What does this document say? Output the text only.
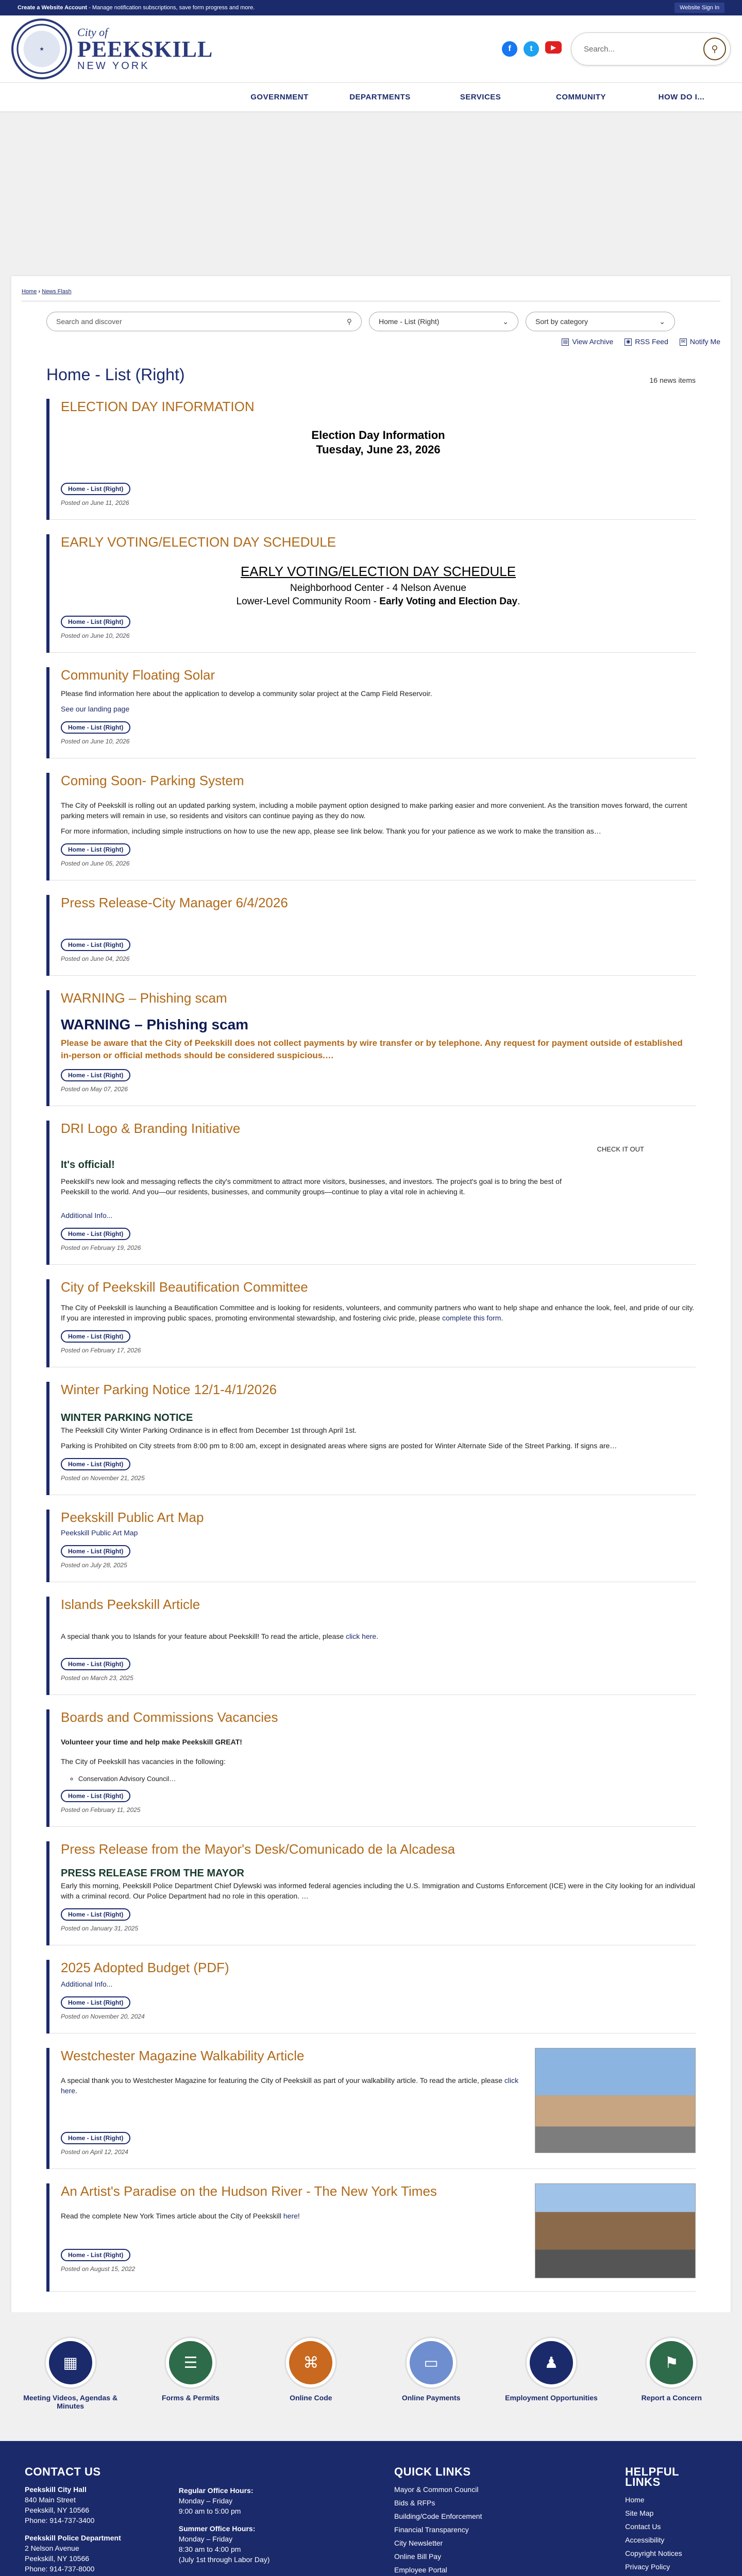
Create a Website Account - Manage notification subscriptions, save form progress and more.	Website Sign In
★
City of
PEEKSKILL
NEW YORK
f	t	▶	Search...	⚲
GOVERNMENT	DEPARTMENTS	SERVICES	COMMUNITY	HOW DO I...
Home › News Flash
Search and discover	⚲	Home - List (Right)	⌄	Sort by category	⌄
▤ View Archive ◉ RSS Feed ✉ Notify Me
Home - List (Right)	16 news items
ELECTION DAY INFORMATION
Election Day Information
Tuesday, June 23, 2026
Home - List (Right)
Posted on June 11, 2026
EARLY VOTING/ELECTION DAY SCHEDULE
EARLY VOTING/ELECTION DAY SCHEDULE
Neighborhood Center - 4 Nelson Avenue
Lower-Level Community Room - Early Voting and Election Day.
Home - List (Right)
Posted on June 10, 2026
Community Floating Solar

Please find information here about the application to develop a community solar project at the Camp Field Reservoir.

See our landing page

Home - List (Right)
Posted on June 10, 2026
Coming Soon- Parking System

The City of Peekskill is rolling out an updated parking system, including a mobile payment option designed to make parking easier and more convenient. As the transition moves forward, the current parking meters will remain in use, so residents and visitors can continue paying as they do now.

For more information, including simple instructions on how to use the new app, please see link below. Thank you for your patience as we work to make the transition as…

Home - List (Right)
Posted on June 05, 2026
Press Release-City Manager 6/4/2026
Home - List (Right)
Posted on June 04, 2026
WARNING – Phishing scam
WARNING – Phishing scam
Please be aware that the City of Peekskill does not collect payments by wire transfer or by telephone. Any request for payment outside of established in-person or official methods should be considered suspicious.…
Home - List (Right)
Posted on May 07, 2026
DRI Logo & Branding Initiative
CHECK IT OUT
It's official!

Peekskill's new look and messaging reflects the city's commitment to attract more visitors, businesses, and investors. The project's goal is to bring the best of Peekskill to the world. And you—our residents, businesses, and community groups—continue to play a vital role in achieving it.

Additional Info...

Home - List (Right)
Posted on February 19, 2026
City of Peekskill Beautification Committee

The City of Peekskill is launching a Beautification Committee and is looking for residents, volunteers, and community partners who want to help shape and enhance the look, feel, and pride of our city. If you are interested in improving public spaces, promoting environmental stewardship, and fostering civic pride, please complete this form.

Home - List (Right)
Posted on February 17, 2026
Winter Parking Notice 12/1-4/1/2026
WINTER PARKING NOTICE

The Peekskill City Winter Parking Ordinance is in effect from December 1st through April 1st.

Parking is Prohibited on City streets from 8:00 pm to 8:00 am, except in designated areas where signs are posted for Winter Alternate Side of the Street Parking. If signs are…

Home - List (Right)
Posted on November 21, 2025
Peekskill Public Art Map

Peekskill Public Art Map

Home - List (Right)
Posted on July 28, 2025
Islands Peekskill Article

A special thank you to Islands for your feature about Peekskill! To read the article, please click here.

Home - List (Right)
Posted on March 23, 2025
Boards and Commissions Vacancies

Volunteer your time and help make Peekskill GREAT!

The City of Peekskill has vacancies in the following:

◦ Conservation Advisory Council…
Home - List (Right)
Posted on February 11, 2025
Press Release from the Mayor's Desk/Comunicado de la Alcadesa
PRESS RELEASE FROM THE MAYOR

Early this morning, Peekskill Police Department Chief Dylewski was informed federal agencies including the U.S. Immigration and Customs Enforcement (ICE) were in the City looking for an individual with a criminal record. Our Police Department had no role in this operation. …

Home - List (Right)
Posted on January 31, 2025
2025 Adopted Budget (PDF)

Additional Info...

Home - List (Right)
Posted on November 20, 2024
Westchester Magazine Walkability Article

A special thank you to Westchester Magazine for featuring the City of Peekskill as part of your walkability article. To read the article, please click here.

Home - List (Right)
Posted on April 12, 2024
An Artist's Paradise on the Hudson River - The New York Times

Read the complete New York Times article about the City of Peekskill here!

Home - List (Right)
Posted on August 15, 2022
▦
Meeting Videos, Agendas & Minutes
☰
Forms & Permits
⌘
Online Code
▭
Online Payments
♟
Employment Opportunities
⚑
Report a Concern
CONTACT US
Peekskill City Hall
840 Main Street
Peekskill, NY 10566
Phone: 914-737-3400
Peekskill Police Department
2 Nelson Avenue
Peekskill, NY 10566
Phone: 914-737-8000
Regular Office Hours:
Monday – Friday
9:00 am to 5:00 pm
Summer Office Hours:
Monday – Friday
8:30 am to 4:00 pm
(July 1st through Labor Day)
QUICK LINKS
Mayor & Common Council
Bids & RFPs
Building/Code Enforcement
Financial Transparency
City Newsletter
Online Bill Pay
Employee Portal
HELPFUL LINKS
Home
Site Map
Contact Us
Accessibility
Copyright Notices
Privacy Policy
